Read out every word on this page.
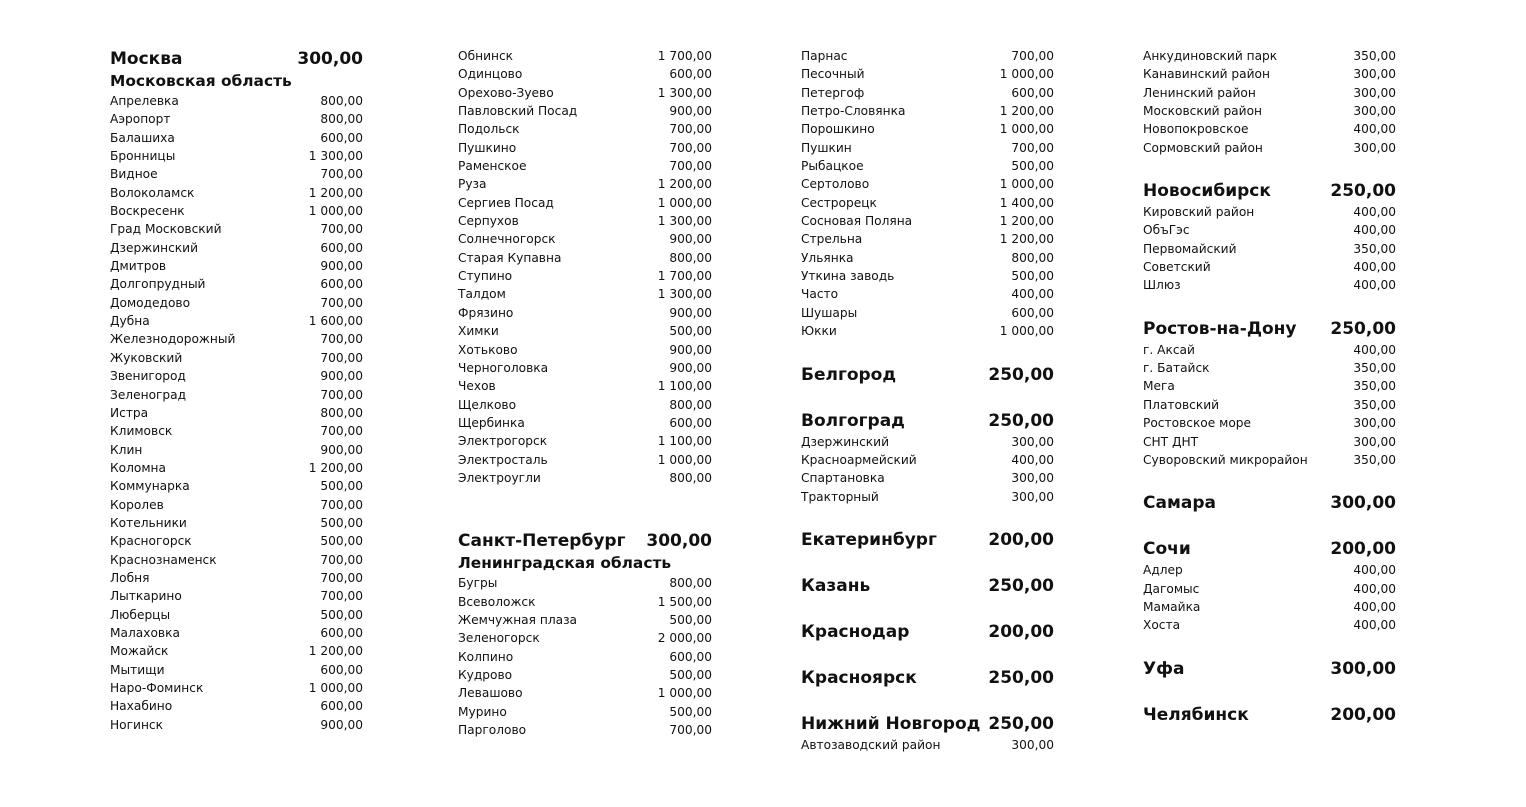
Москва	300,00
Московская область
Апрелевка	800,00
Аэропорт	800,00
Балашиха	600,00
Бронницы	1 300,00
Видное	700,00
Волоколамск	1 200,00
Воскресенк	1 000,00
Град Московский	700,00
Дзержинский	600,00
Дмитров	900,00
Долгопрудный	600,00
Домодедово	700,00
Дубна	1 600,00
Железнодорожный	700,00
Жуковский	700,00
Звенигород	900,00
Зеленоград	700,00
Истра	800,00
Климовск	700,00
Клин	900,00
Коломна	1 200,00
Коммунарка	500,00
Королев	700,00
Котельники	500,00
Красногорск	500,00
Краснознаменск	700,00
Лобня	700,00
Лыткарино	700,00
Люберцы	500,00
Малаховка	600,00
Можайск	1 200,00
Мытищи	600,00
Наро-Фоминск	1 000,00
Нахабино	600,00
Ногинск	900,00
Обнинск	1 700,00
Одинцово	600,00
Орехово-Зуево	1 300,00
Павловский Посад	900,00
Подольск	700,00
Пушкино	700,00
Раменское	700,00
Руза	1 200,00
Сергиев Посад	1 000,00
Серпухов	1 300,00
Солнечногорск	900,00
Старая Купавна	800,00
Ступино	1 700,00
Талдом	1 300,00
Фрязино	900,00
Химки	500,00
Хотьково	900,00
Черноголовка	900,00
Чехов	1 100,00
Щелково	800,00
Щербинка	600,00
Электрогорск	1 100,00
Электросталь	1 000,00
Электроугли	800,00
Санкт-Петербург 300,00
Ленинградская область
Бугры	800,00
Всеволожск	1 500,00
Жемчужная плаза	500,00
Зеленогорск	2 000,00
Колпино	600,00
Кудрово	500,00
Левашово	1 000,00
Мурино	500,00
Парголово	700,00
Парнас	700,00
Песочный	1 000,00
Петергоф	600,00
Петро-Словянка	1 200,00
Порошкино	1 000,00
Пушкин	700,00
Рыбацкое	500,00
Сертолово	1 000,00
Сестрорецк	1 400,00
Сосновая Поляна	1 200,00
Стрельна	1 200,00
Ульянка	800,00
Уткина заводь	500,00
Часто	400,00
Шушары	600,00
Юкки	1 000,00
Белгород	250,00
Волгоград	250,00
Дзержинский	300,00
Красноармейский	400,00
Спартановка	300,00
Тракторный	300,00
Екатеринбург	200,00
Казань	250,00
Краснодар	200,00
Красноярск	250,00
Нижний Новгород 250,00
Автозаводский район	300,00
Анкудиновский парк	350,00
Канавинский район	300,00
Ленинский район	300,00
Московский район	300,00
Новопокровское	400,00
Сормовский район	300,00
Новосибирск	250,00
Кировский район	400,00
ОбъГэс	400,00
Первомайский	350,00
Советский	400,00
Шлюз	400,00
Ростов-на-Дону 250,00
г. Аксай	400,00
г. Батайск	350,00
Мега	350,00
Платовский	350,00
Ростовское море	300,00
СНТ ДНТ	300,00
Суворовский микрорайон	350,00
Самара	300,00
Сочи	200,00
Адлер	400,00
Дагомыс	400,00
Мамайка	400,00
Хоста	400,00
Уфа	300,00
Челябинск	200,00
